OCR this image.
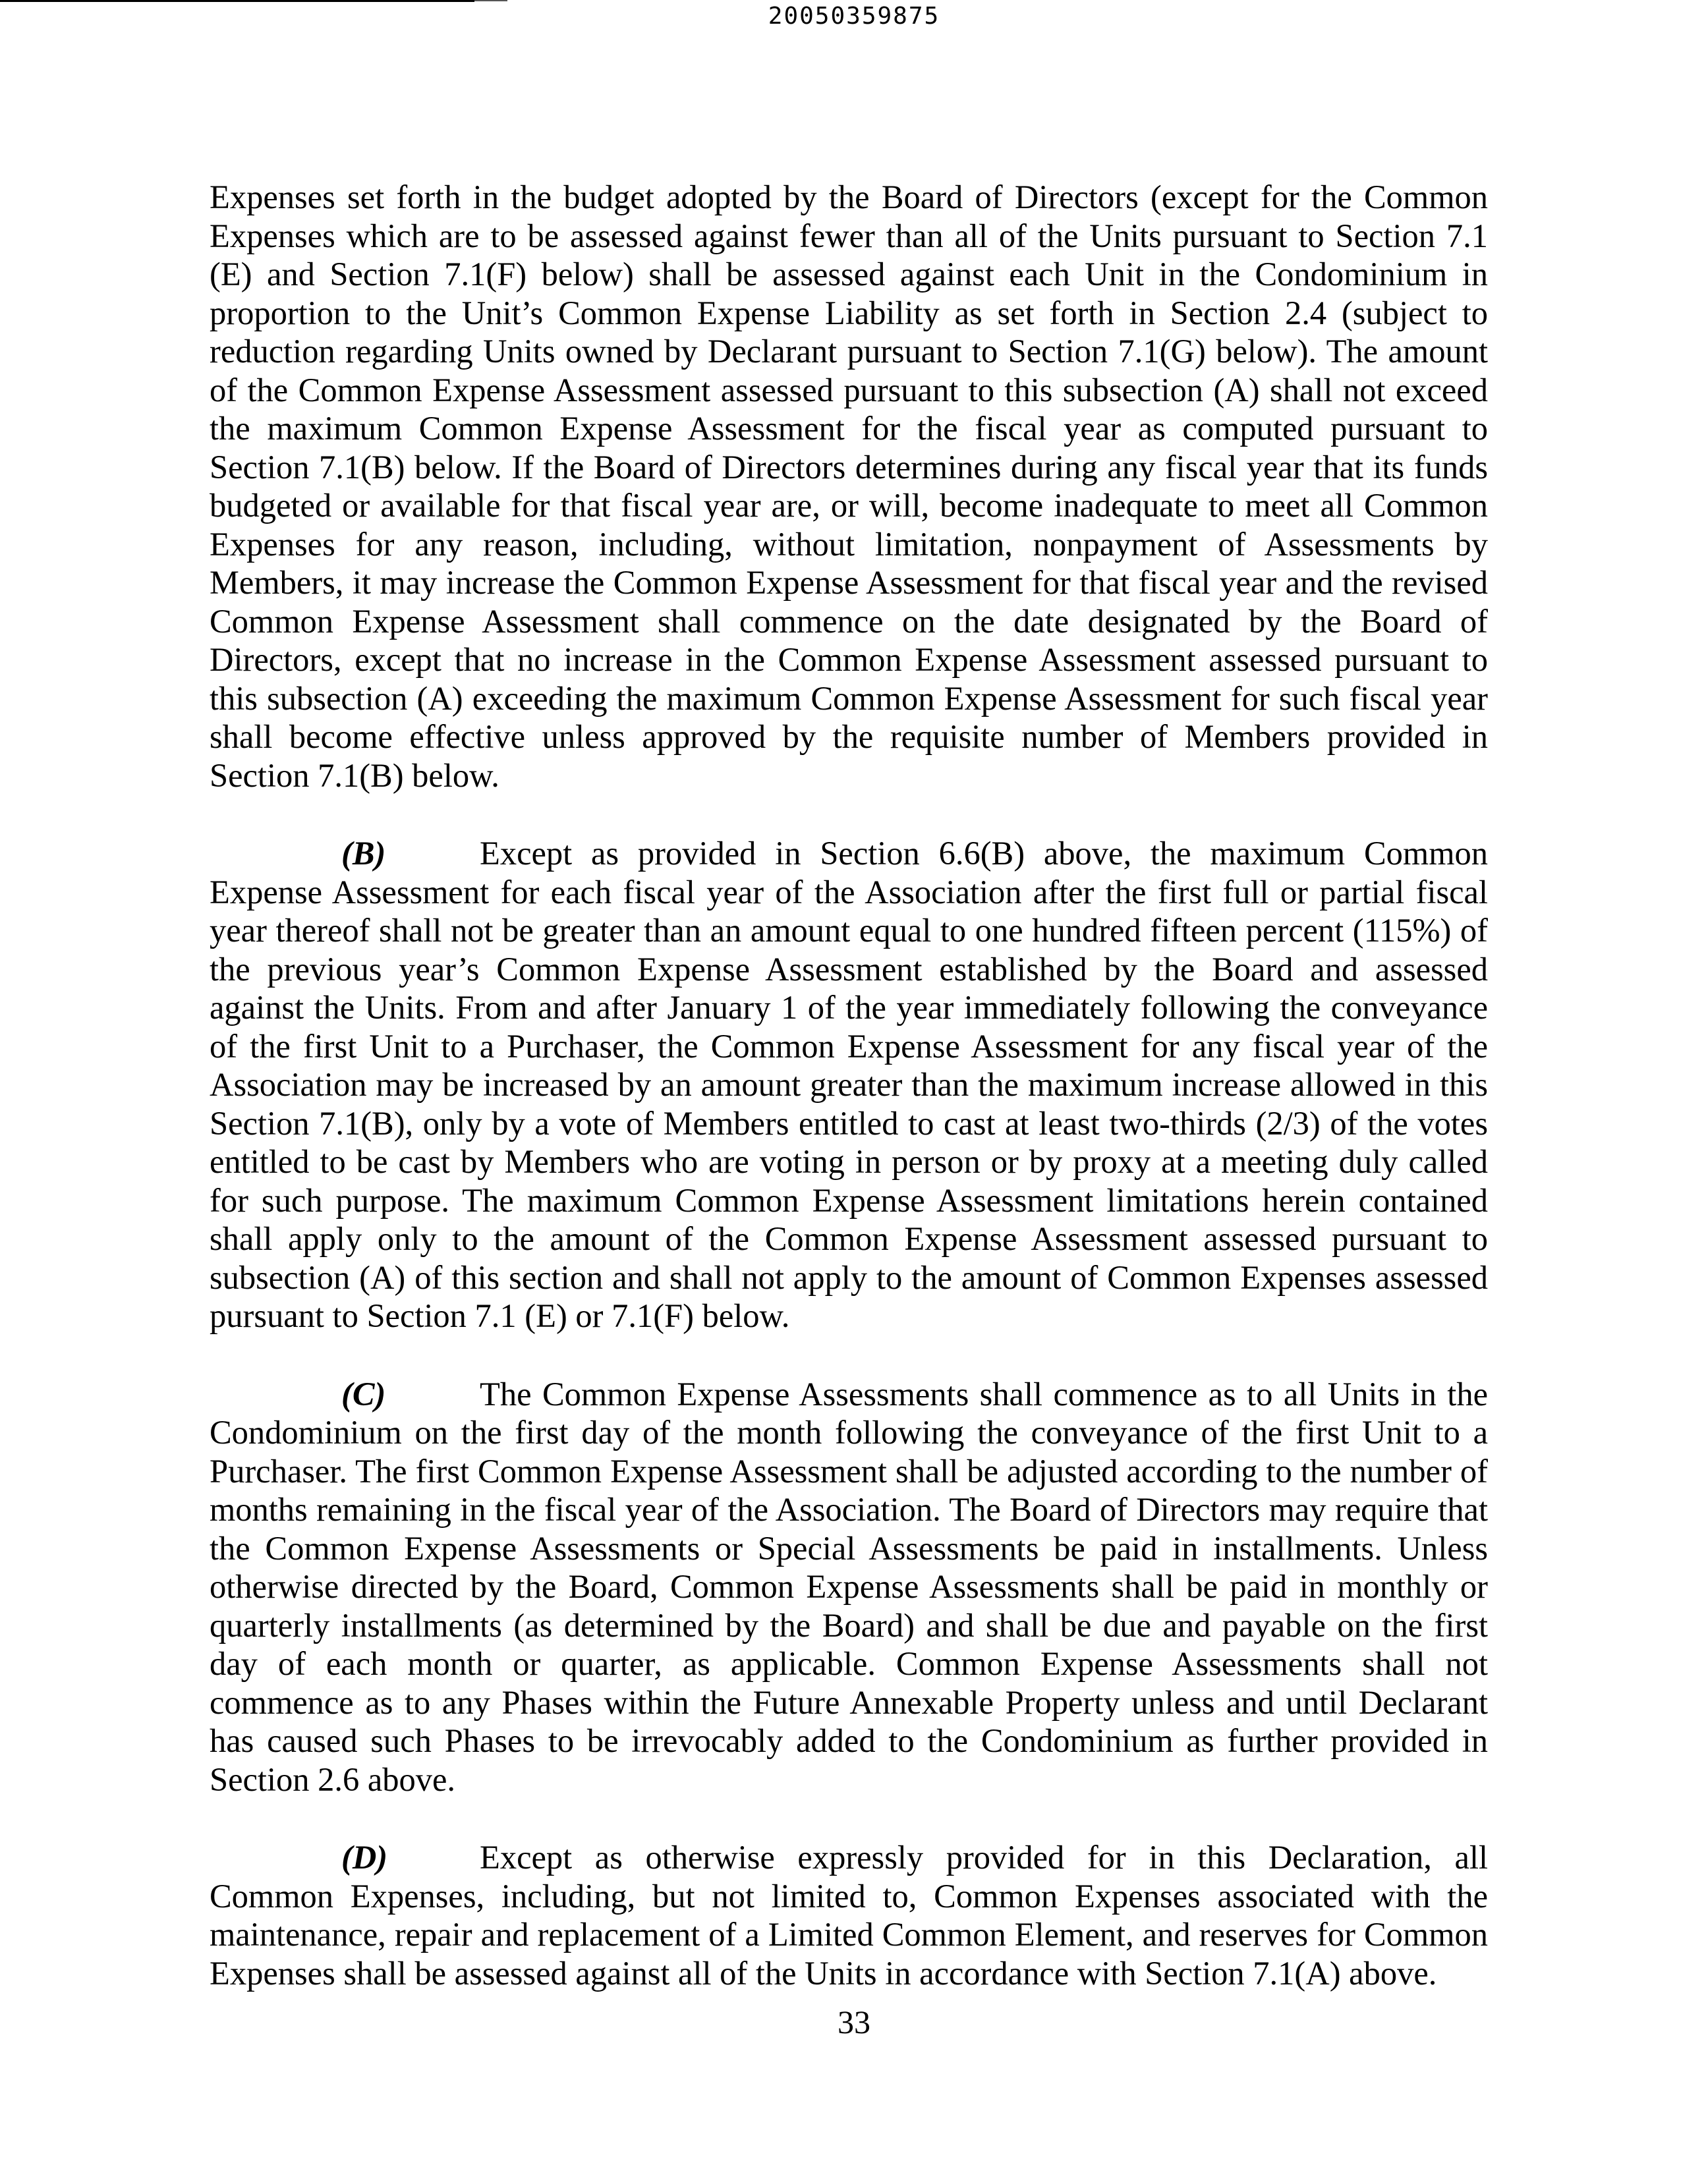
20050359875

Expenses set forth in the budget adopted by the Board of Directors (except for the Common Expenses which are to be assessed against fewer than all of the Units pursuant to Section 7.1 (E) and Section 7.1(F) below) shall be assessed against each Unit in the Condominium in proportion to the Unit’s Common Expense Liability as set forth in Section 2.4 (subject to reduction regarding Units owned by Declarant pursuant to Section 7.1(G) below). The amount of the Common Expense Assessment assessed pursuant to this subsection (A) shall not exceed the maximum Common Expense Assessment for the fiscal year as computed pursuant to Section 7.1(B) below. If the Board of Directors determines during any fiscal year that its funds budgeted or available for that fiscal year are, or will, become inadequate to meet all Common Expenses for any reason, including, without limitation, nonpayment of Assessments by Members, it may increase the Common Expense Assessment for that fiscal year and the revised Common Expense Assessment shall commence on the date designated by the Board of Directors, except that no increase in the Common Expense Assessment assessed pursuant to this subsection (A) exceeding the maximum Common Expense Assessment for such fiscal year shall become effective unless approved by the requisite number of Members provided in Section 7.1(B) below.

(B)	Except as provided in Section 6.6(B) above, the maximum Common Expense Assessment for each fiscal year of the Association after the first full or partial fiscal year thereof shall not be greater than an amount equal to one hundred fifteen percent (115%) of the previous year’s Common Expense Assessment established by the Board and assessed against the Units. From and after January 1 of the year immediately following the conveyance of the first Unit to a Purchaser, the Common Expense Assessment for any fiscal year of the Association may be increased by an amount greater than the maximum increase allowed in this Section 7.1(B), only by a vote of Members entitled to cast at least two-thirds (2/3) of the votes entitled to be cast by Members who are voting in person or by proxy at a meeting duly called for such purpose. The maximum Common Expense Assessment limitations herein contained shall apply only to the amount of the Common Expense Assessment assessed pursuant to subsection (A) of this section and shall not apply to the amount of Common Expenses assessed pursuant to Section 7.1 (E) or 7.1(F) below.

(C)	The Common Expense Assessments shall commence as to all Units in the Condominium on the first day of the month following the conveyance of the first Unit to a Purchaser. The first Common Expense Assessment shall be adjusted according to the number of months remaining in the fiscal year of the Association. The Board of Directors may require that the Common Expense Assessments or Special Assessments be paid in installments. Unless otherwise directed by the Board, Common Expense Assessments shall be paid in monthly or quarterly installments (as determined by the Board) and shall be due and payable on the first day of each month or quarter, as applicable. Common Expense Assessments shall not commence as to any Phases within the Future Annexable Property unless and until Declarant has caused such Phases to be irrevocably added to the Condominium as further provided in Section 2.6 above.

(D)	Except as otherwise expressly provided for in this Declaration, all Common Expenses, including, but not limited to, Common Expenses associated with the maintenance, repair and replacement of a Limited Common Element, and reserves for Common Expenses shall be assessed against all of the Units in accordance with Section 7.1(A) above.

33
